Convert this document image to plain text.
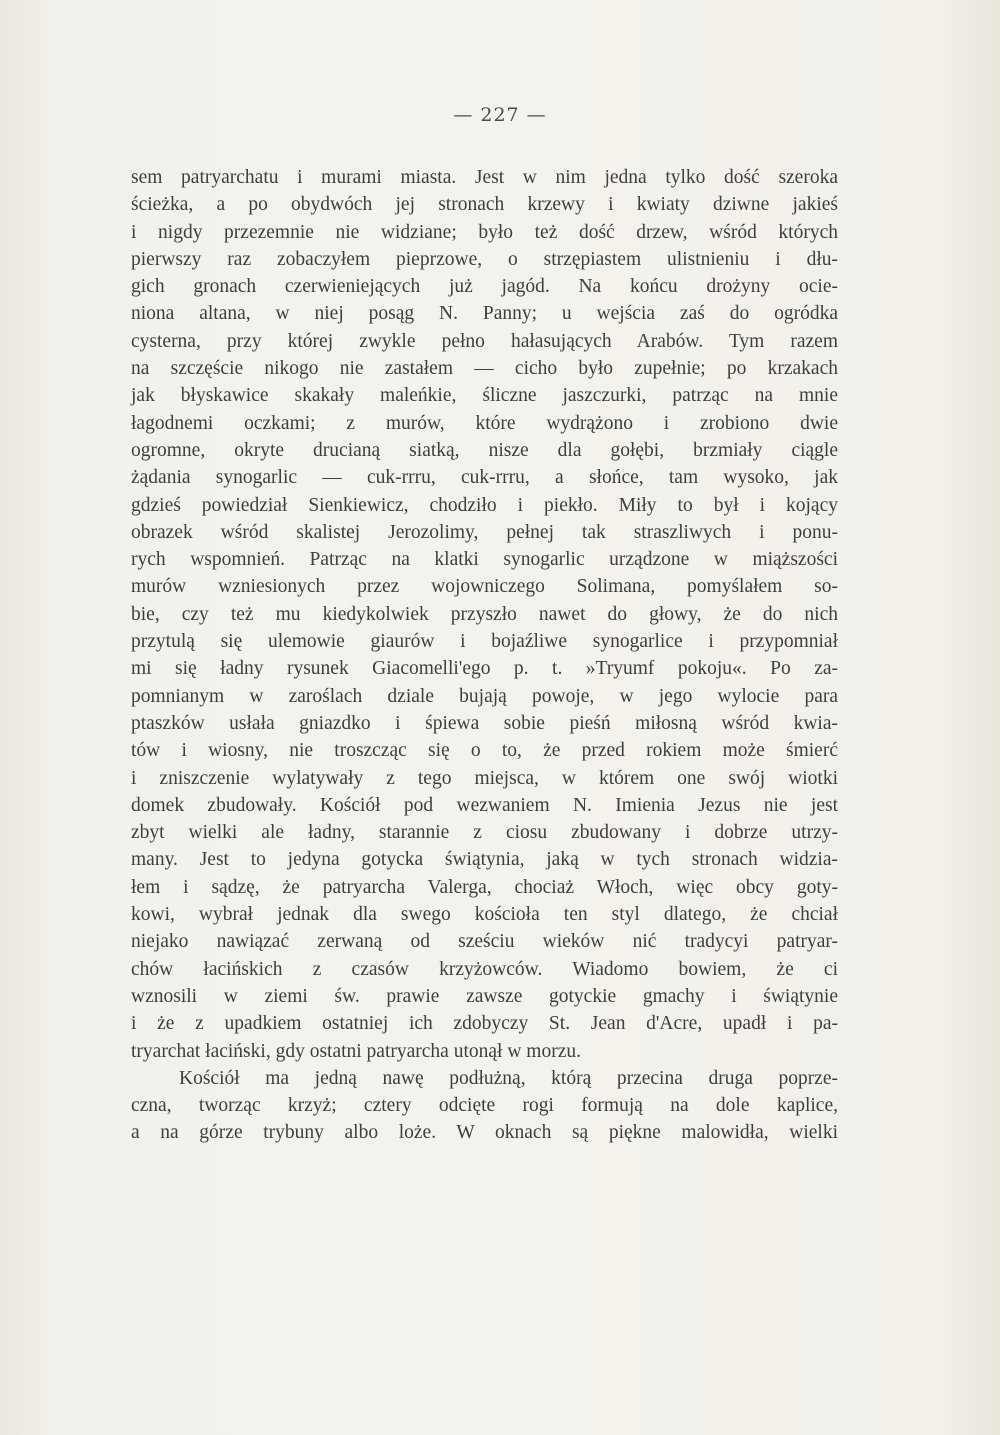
— 227 —
sem patryarchatu i murami miasta. Jest w nim jedna tylko dość szeroka
ścieżka, a po obydwóch jej stronach krzewy i kwiaty dziwne jakieś
i nigdy przezemnie nie widziane; było też dość drzew, wśród których
pierwszy raz zobaczyłem pieprzowe, o strzępiastem ulistnieniu i dłu-
gich gronach czerwieniejących już jagód. Na końcu drożyny ocie-
niona altana, w niej posąg N. Panny; u wejścia zaś do ogródka
cysterna, przy której zwykle pełno hałasujących Arabów. Tym razem
na szczęście nikogo nie zastałem — cicho było zupełnie; po krzakach
jak błyskawice skakały maleńkie, śliczne jaszczurki, patrząc na mnie
łagodnemi oczkami; z murów, które wydrążono i zrobiono dwie
ogromne, okryte drucianą siatką, nisze dla gołębi, brzmiały ciągle
żądania synogarlic — cuk-rrru, cuk-rrru, a słońce, tam wysoko, jak
gdzieś powiedział Sienkiewicz, chodziło i piekło. Miły to był i kojący
obrazek wśród skalistej Jerozolimy, pełnej tak straszliwych i ponu-
rych wspomnień. Patrząc na klatki synogarlic urządzone w miąższości
murów wzniesionych przez wojowniczego Solimana, pomyślałem so-
bie, czy też mu kiedykolwiek przyszło nawet do głowy, że do nich
przytulą się ulemowie giaurów i bojaźliwe synogarlice i przypomniał
mi się ładny rysunek Giacomelli'ego p. t. »Tryumf pokoju«. Po za-
pomnianym w zaroślach dziale bujają powoje, w jego wylocie para
ptaszków usłała gniazdko i śpiewa sobie pieśń miłosną wśród kwia-
tów i wiosny, nie troszcząc się o to, że przed rokiem może śmierć
i zniszczenie wylatywały z tego miejsca, w którem one swój wiotki
domek zbudowały. Kościół pod wezwaniem N. Imienia Jezus nie jest
zbyt wielki ale ładny, starannie z ciosu zbudowany i dobrze utrzy-
many. Jest to jedyna gotycka świątynia, jaką w tych stronach widzia-
łem i sądzę, że patryarcha Valerga, chociaż Włoch, więc obcy goty-
kowi, wybrał jednak dla swego kościoła ten styl dlatego, że chciał
niejako nawiązać zerwaną od sześciu wieków nić tradycyi patryar-
chów łacińskich z czasów krzyżowców. Wiadomo bowiem, że ci
wznosili w ziemi św. prawie zawsze gotyckie gmachy i świątynie
i że z upadkiem ostatniej ich zdobyczy St. Jean d'Acre, upadł i pa-
tryarchat łaciński, gdy ostatni patryarcha utonął w morzu.
Kościół ma jedną nawę podłużną, którą przecina druga poprze-
czna, tworząc krzyż; cztery odcięte rogi formują na dole kaplice,
a na górze trybuny albo loże. W oknach są piękne malowidła, wielki
